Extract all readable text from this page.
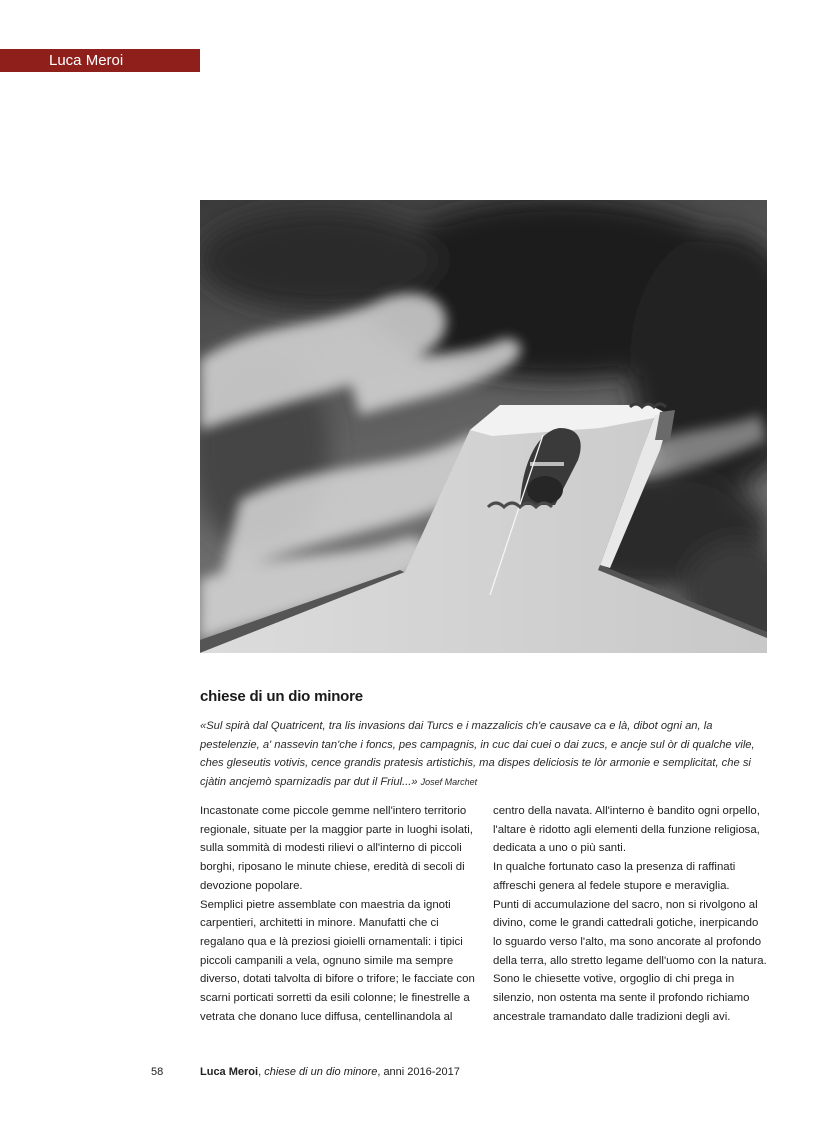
Luca Meroi
chiese di un dio minore

«Sul spirà dal Quatricent, tra lis invasions dai Turcs e i mazzalicis ch'e causave ca e là, dibot ogni an, la pestelenzie, a' nassevin tan'che i foncs, pes campagnis, in cuc dai cuei o dai zucs, e ancje sul òr di qualche vile, ches gleseutis votivis, cence grandis pratesis artistichis, ma dispes deliciosis te lòr armonie e semplicitat, che si cjàtin ancjemò sparnizadis par dut il Friul...» Josef Marchet

Incastonate come piccole gemme nell'intero territorio regionale, situate per la maggior parte in luoghi isolati, sulla sommità di modesti rilievi o all'interno di piccoli borghi, riposano le minute chiese, eredità di secoli di devozione popolare.

Semplici pietre assemblate con maestria da ignoti carpentieri, architetti in minore. Manufatti che ci regalano qua e là preziosi gioielli ornamentali: i tipici piccoli campanili a vela, ognuno simile ma sempre diverso, dotati talvolta di bifore o trifore; le facciate con scarni porticati sorretti da esili colonne; le finestrelle a vetrata che donano luce diffusa, centellinandola al

centro della navata. All'interno è bandito ogni orpello, l'altare è ridotto agli elementi della funzione religiosa, dedicata a uno o più santi.

In qualche fortunato caso la presenza di raffinati affreschi genera al fedele stupore e meraviglia.

Punti di accumulazione del sacro, non si rivolgono al divino, come le grandi cattedrali gotiche, inerpicando lo sguardo verso l'alto, ma sono ancorate al profondo della terra, allo stretto legame dell'uomo con la natura.

Sono le chiesette votive, orgoglio di chi prega in silenzio, non ostenta ma sente il profondo richiamo ancestrale tramandato dalle tradizioni degli avi.

58	Luca Meroi, chiese di un dio minore, anni 2016-2017
